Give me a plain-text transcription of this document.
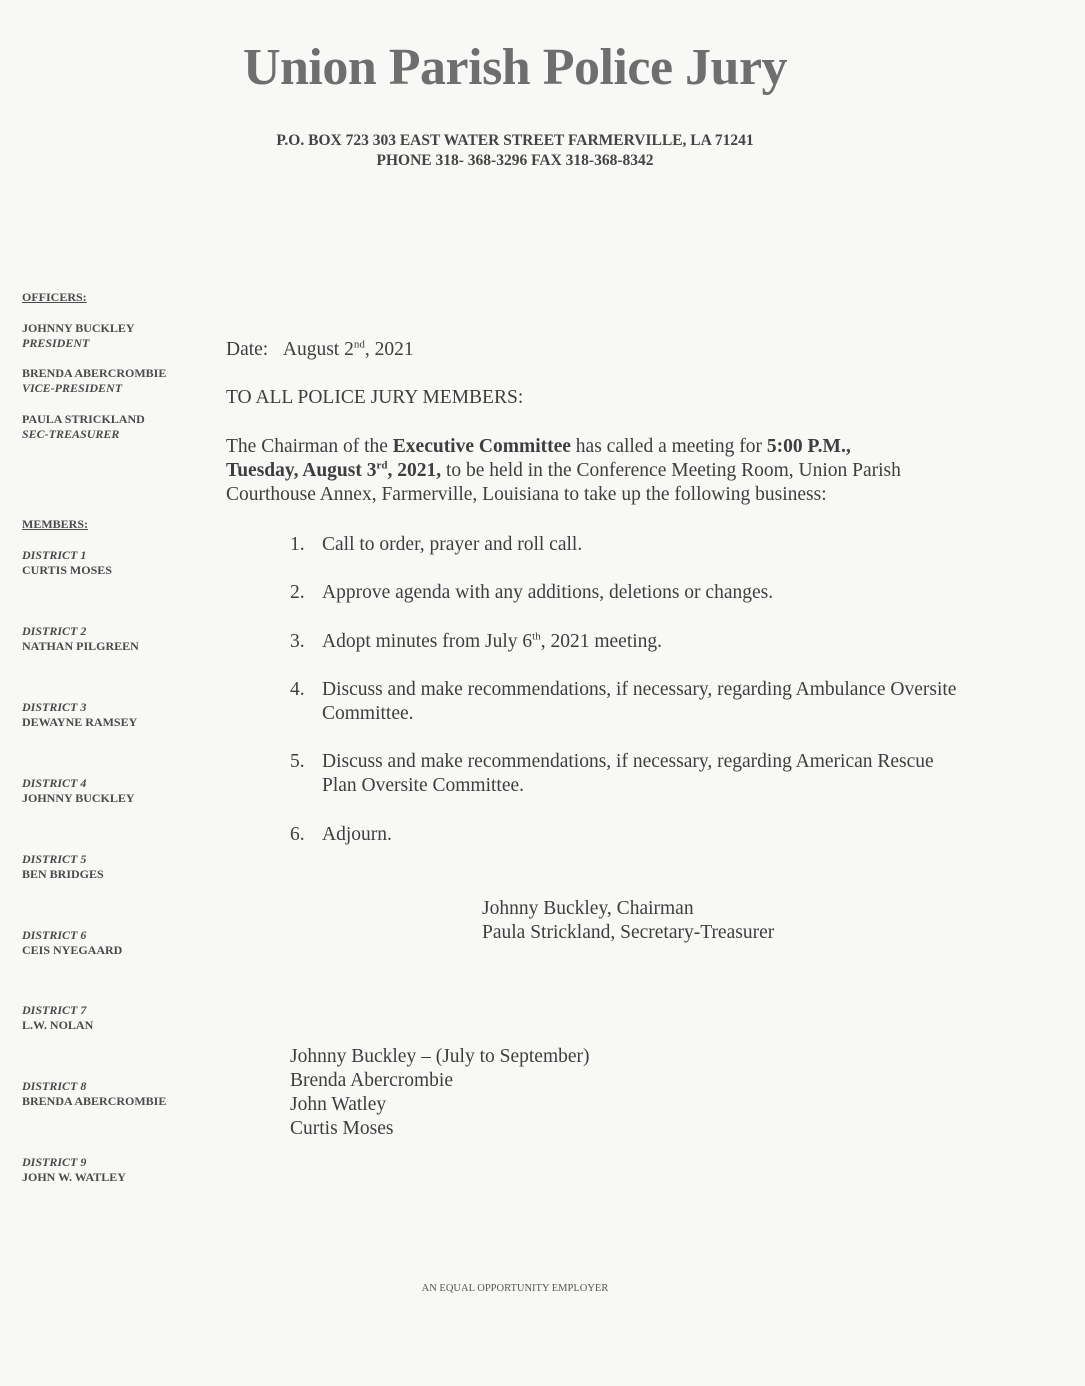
Union Parish Police Jury
P.O. BOX 723 303 EAST WATER STREET FARMERVILLE, LA 71241
PHONE 318- 368-3296 FAX 318-368-8342
OFFICERS:
JOHNNY BUCKLEY
PRESIDENT
BRENDA ABERCROMBIE
VICE-PRESIDENT
PAULA STRICKLAND
SEC-TREASURER
MEMBERS:
DISTRICT 1
CURTIS MOSES
DISTRICT 2
NATHAN PILGREEN
DISTRICT 3
DEWAYNE RAMSEY
DISTRICT 4
JOHNNY BUCKLEY
DISTRICT 5
BEN BRIDGES
DISTRICT 6
CEIS NYEGAARD
DISTRICT 7
L.W. NOLAN
DISTRICT 8
BRENDA ABERCROMBIE
DISTRICT 9
JOHN W. WATLEY
Date: August 2nd, 2021
TO ALL POLICE JURY MEMBERS:
The Chairman of the Executive Committee has called a meeting for 5:00 P.M.,
Tuesday, August 3rd, 2021, to be held in the Conference Meeting Room, Union Parish Courthouse Annex, Farmerville, Louisiana to take up the following business:
1. Call to order, prayer and roll call.
2. Approve agenda with any additions, deletions or changes.
3. Adopt minutes from July 6th, 2021 meeting.
4. Discuss and make recommendations, if necessary, regarding Ambulance Oversite Committee.
5. Discuss and make recommendations, if necessary, regarding American Rescue Plan Oversite Committee.
6. Adjourn.
Johnny Buckley, Chairman
Paula Strickland, Secretary-Treasurer
Johnny Buckley – (July to September)
Brenda Abercrombie
John Watley
Curtis Moses
AN EQUAL OPPORTUNITY EMPLOYER
